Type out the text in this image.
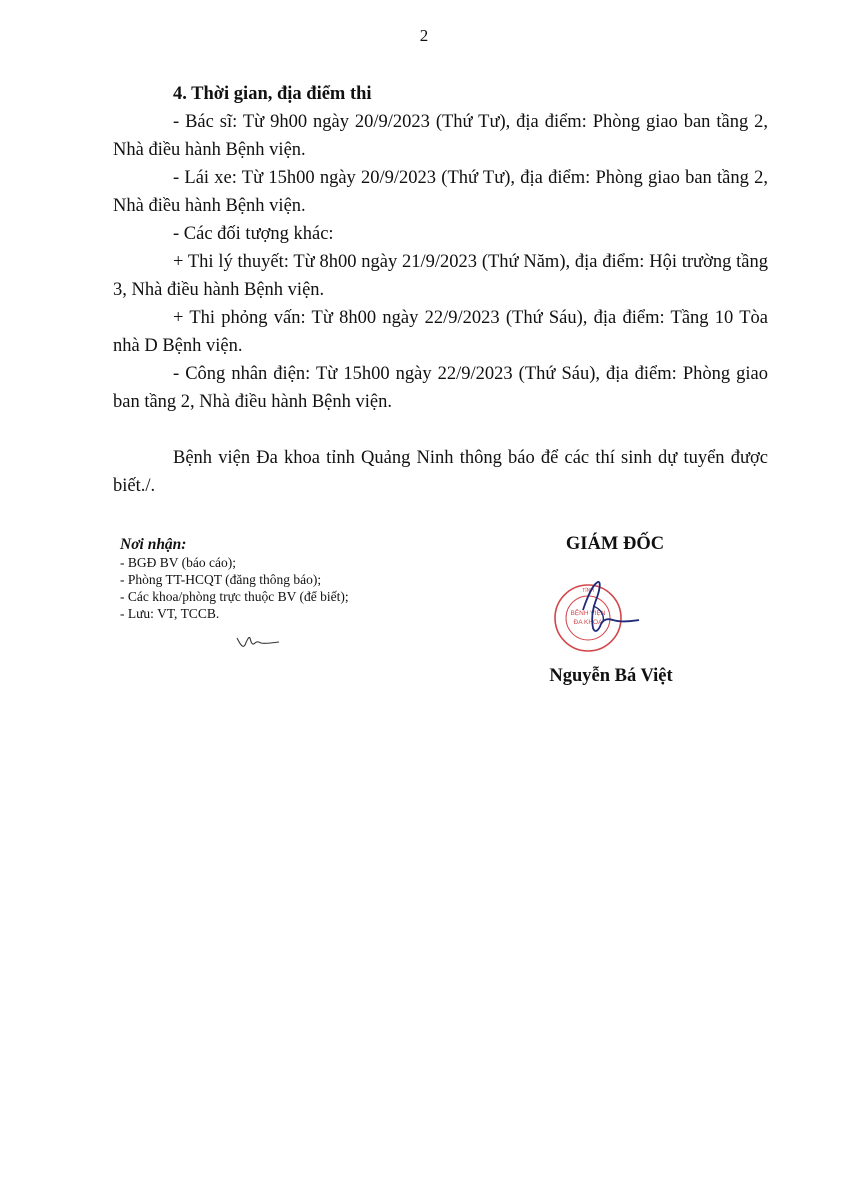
2

4. Thời gian, địa điểm thi

- Bác sĩ: Từ 9h00 ngày 20/9/2023 (Thứ Tư), địa điểm: Phòng giao ban tầng 2, Nhà điều hành Bệnh viện.

- Lái xe: Từ 15h00 ngày 20/9/2023 (Thứ Tư), địa điểm: Phòng giao ban tầng 2, Nhà điều hành Bệnh viện.

- Các đối tượng khác:

+ Thi lý thuyết: Từ 8h00 ngày 21/9/2023 (Thứ Năm), địa điểm: Hội trường tầng 3, Nhà điều hành Bệnh viện.

+ Thi phỏng vấn: Từ 8h00 ngày 22/9/2023 (Thứ Sáu), địa điểm: Tầng 10 Tòa nhà D Bệnh viện.

- Công nhân điện: Từ 15h00 ngày 22/9/2023 (Thứ Sáu), địa điểm: Phòng giao ban tầng 2, Nhà điều hành Bệnh viện.

Bệnh viện Đa khoa tỉnh Quảng Ninh thông báo để các thí sinh dự tuyển được biết./.

Nơi nhận:
- BGĐ BV (báo cáo);
- Phòng TT-HCQT (đăng thông báo);
- Các khoa/phòng trực thuộc BV (để biết);
- Lưu: VT, TCCB.
GIÁM ĐỐC
TỈNH
BỆNH VIỆN
ĐA KHOA
Nguyễn Bá Việt
